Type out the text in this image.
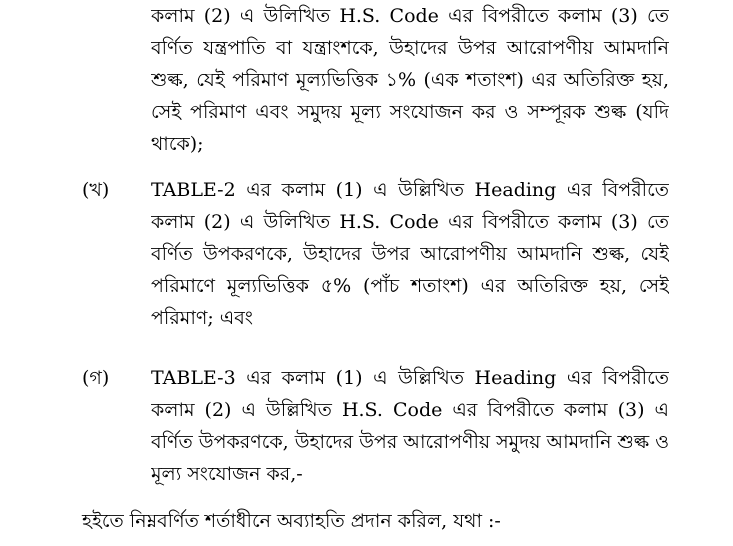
কলাম (2) এ উলিখিত H.S. Code এর বিপরীতে কলাম (3) তে
বর্ণিত যন্ত্রপাতি বা যন্ত্রাংশকে, উহাদের উপর আরোপণীয় আমদানি
শুল্ক, যেই পরিমাণ মূল্যভিত্তিক ১% (এক শতাংশ) এর অতিরিক্ত হয়,
সেই পরিমাণ এবং সমুদয় মূল্য সংযোজন কর ও সম্পূরক শুল্ক (যদি
থাকে);
(খ) TABLE-2 এর কলাম (1) এ উল্লিখিত Heading এর বিপরীতে
কলাম (2) এ উলিখিত H.S. Code এর বিপরীতে কলাম (3) তে
বর্ণিত উপকরণকে, উহাদের উপর আরোপণীয় আমদানি শুল্ক, যেই
পরিমাণে মূল্যভিত্তিক ৫% (পাঁচ শতাংশ) এর অতিরিক্ত হয়, সেই
পরিমাণ; এবং
(গ) TABLE-3 এর কলাম (1) এ উল্লিখিত Heading এর বিপরীতে
কলাম (2) এ উল্লিখিত H.S. Code এর বিপরীতে কলাম (3) এ
বর্ণিত উপকরণকে, উহাদের উপর আরোপণীয় সমুদয় আমদানি শুল্ক ও
মূল্য সংযোজন কর,-
হইতে নিম্নবর্ণিত শর্তাধীনে অব্যাহতি প্রদান করিল, যথা :-
